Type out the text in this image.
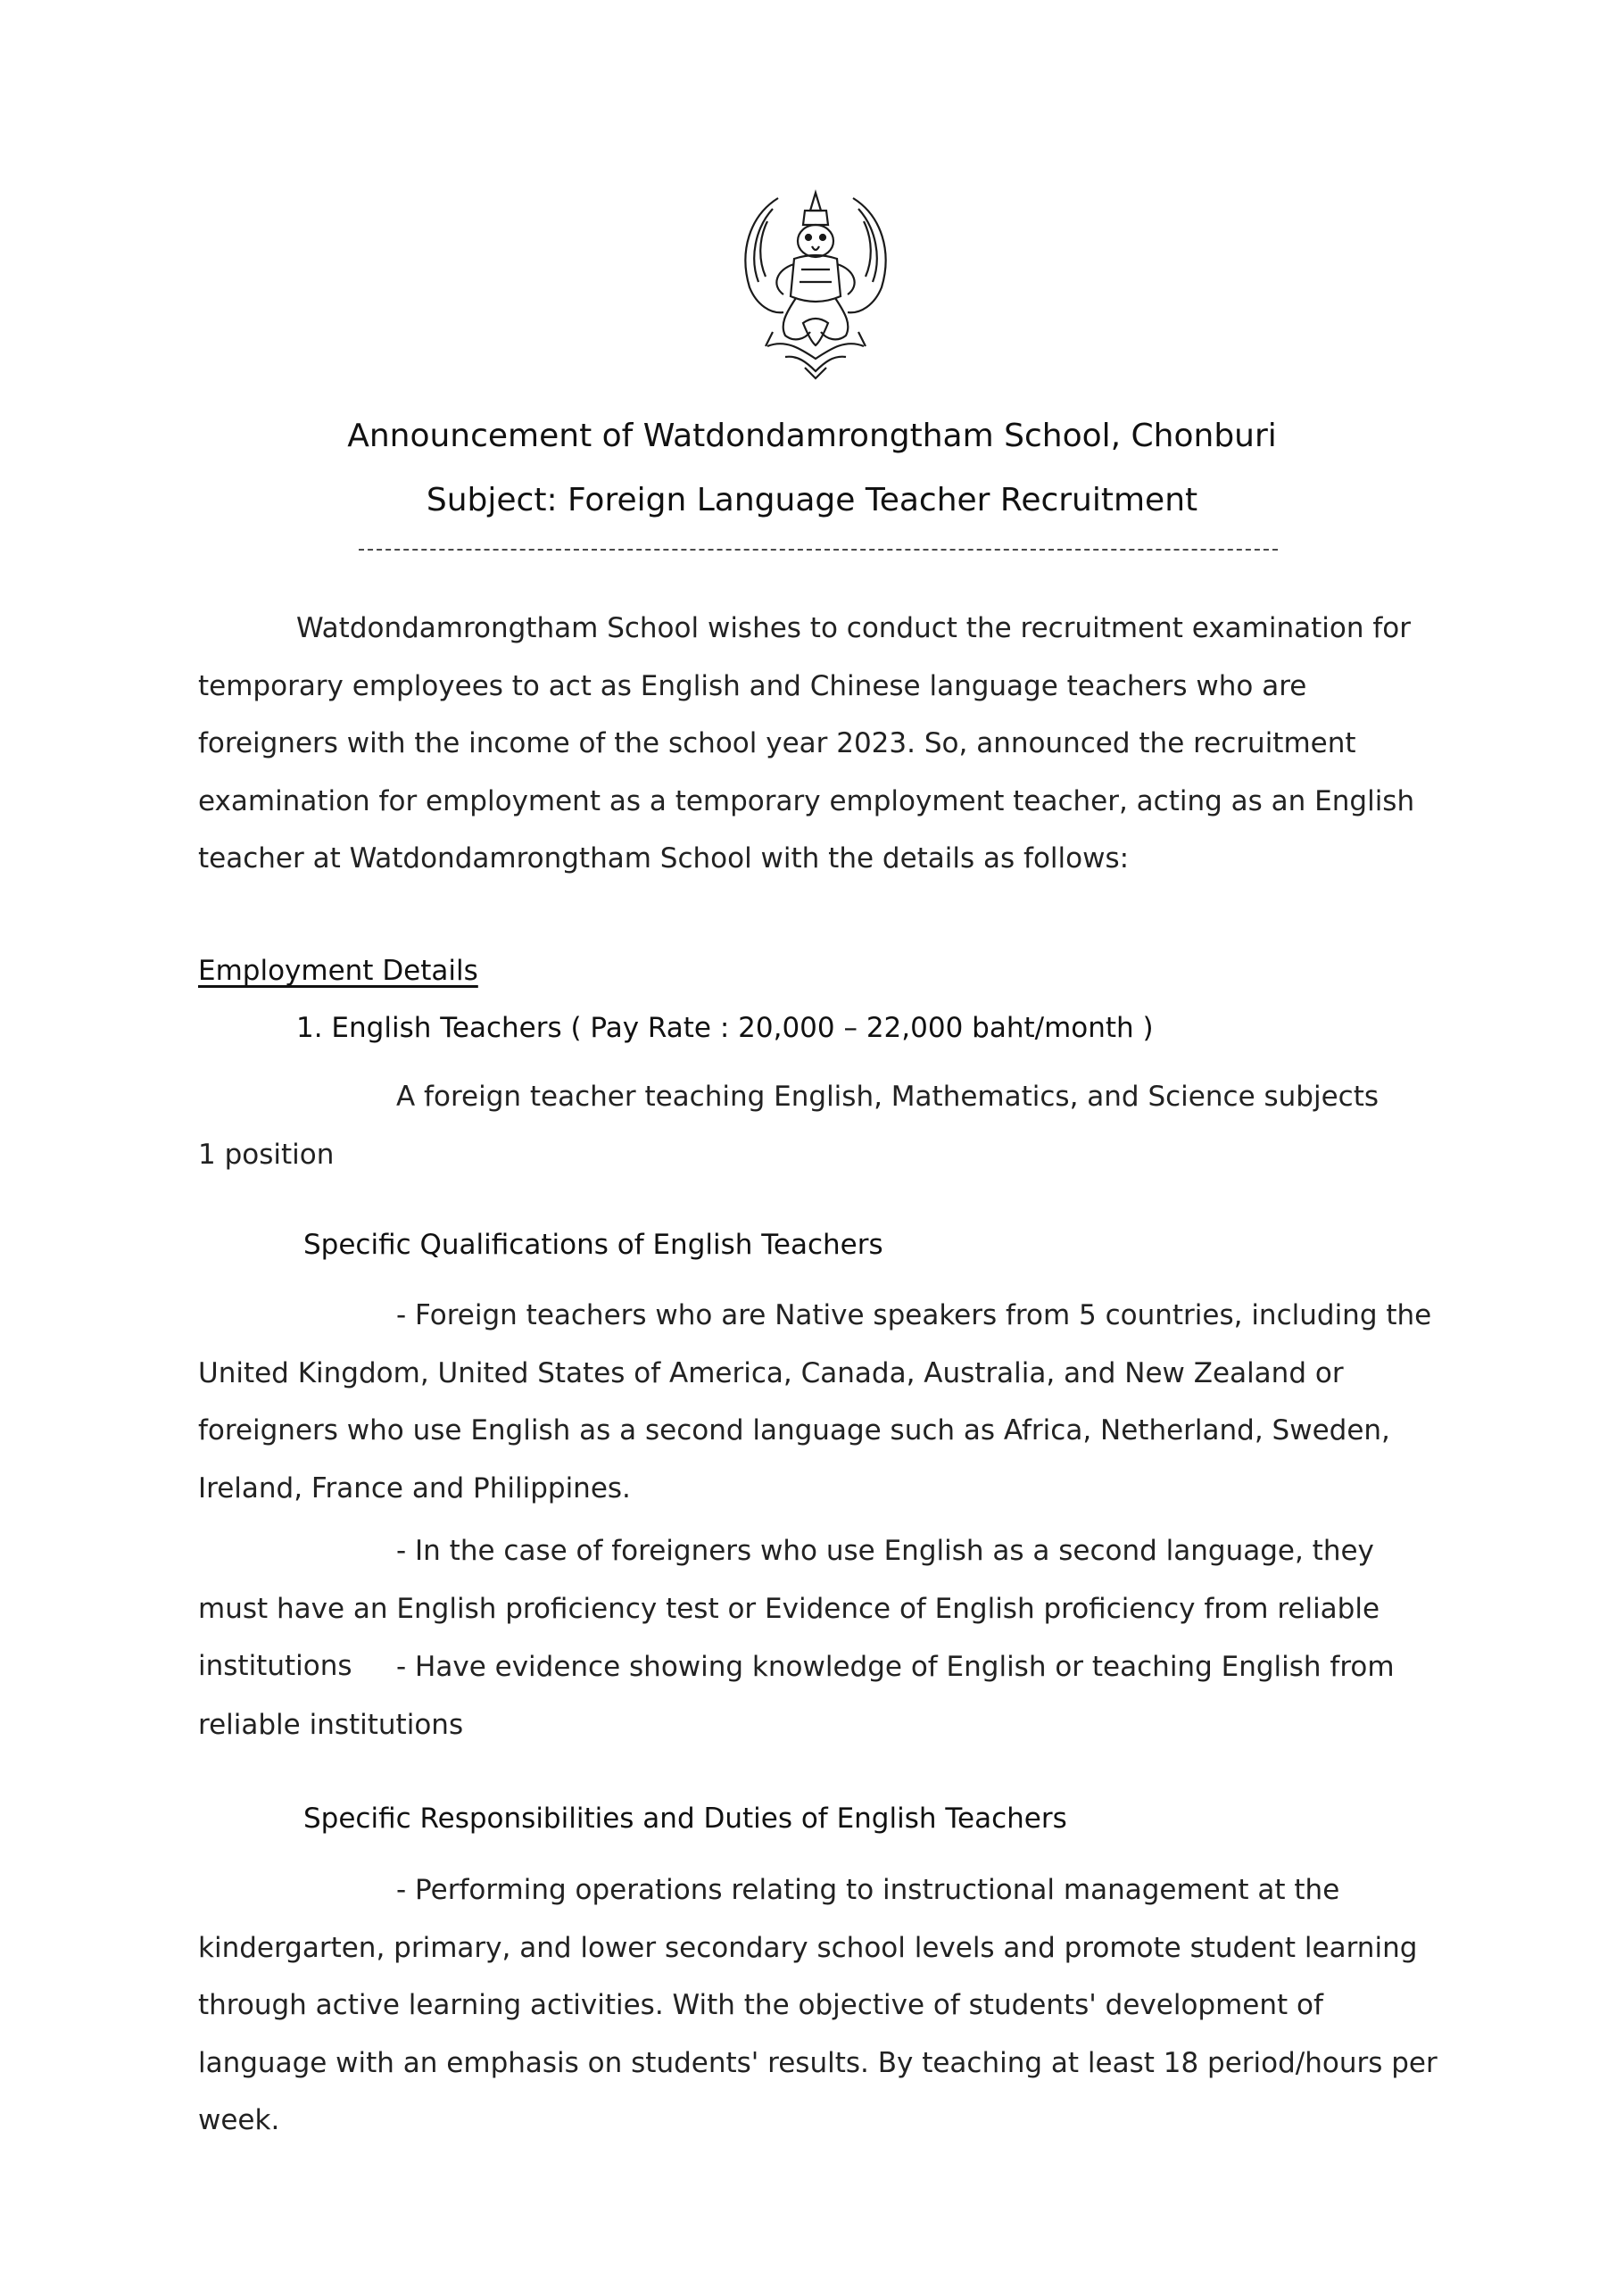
Announcement of Watdondamrongtham School, Chonburi
Subject: Foreign Language Teacher Recruitment

Watdondamrongtham School wishes to conduct the recruitment examination for temporary employees to act as English and Chinese language teachers who are foreigners with the income of the school year 2023. So, announced the recruitment examination for employment as a temporary employment teacher, acting as an English teacher at Watdondamrongtham School with the details as follows:

Employment Details

1. English Teachers ( Pay Rate : 20,000 – 22,000 baht/month )

A foreign teacher teaching English, Mathematics, and Science subjects
1 position

Specific Qualifications of English Teachers

- Foreign teachers who are Native speakers from 5 countries, including the United Kingdom, United States of America, Canada, Australia, and New Zealand or foreigners who use English as a second language such as Africa, Netherland, Sweden, Ireland, France and Philippines.

- In the case of foreigners who use English as a second language, they must have an English proficiency test or Evidence of English proficiency from reliable institutions	- Have evidence showing knowledge of English or teaching English from reliable institutions

Specific Responsibilities and Duties of English Teachers

- Performing operations relating to instructional management at the kindergarten, primary, and lower secondary school levels and promote student learning through active learning activities. With the objective of students' development of language with an emphasis on students' results. By teaching at least 18 period/hours per week.
